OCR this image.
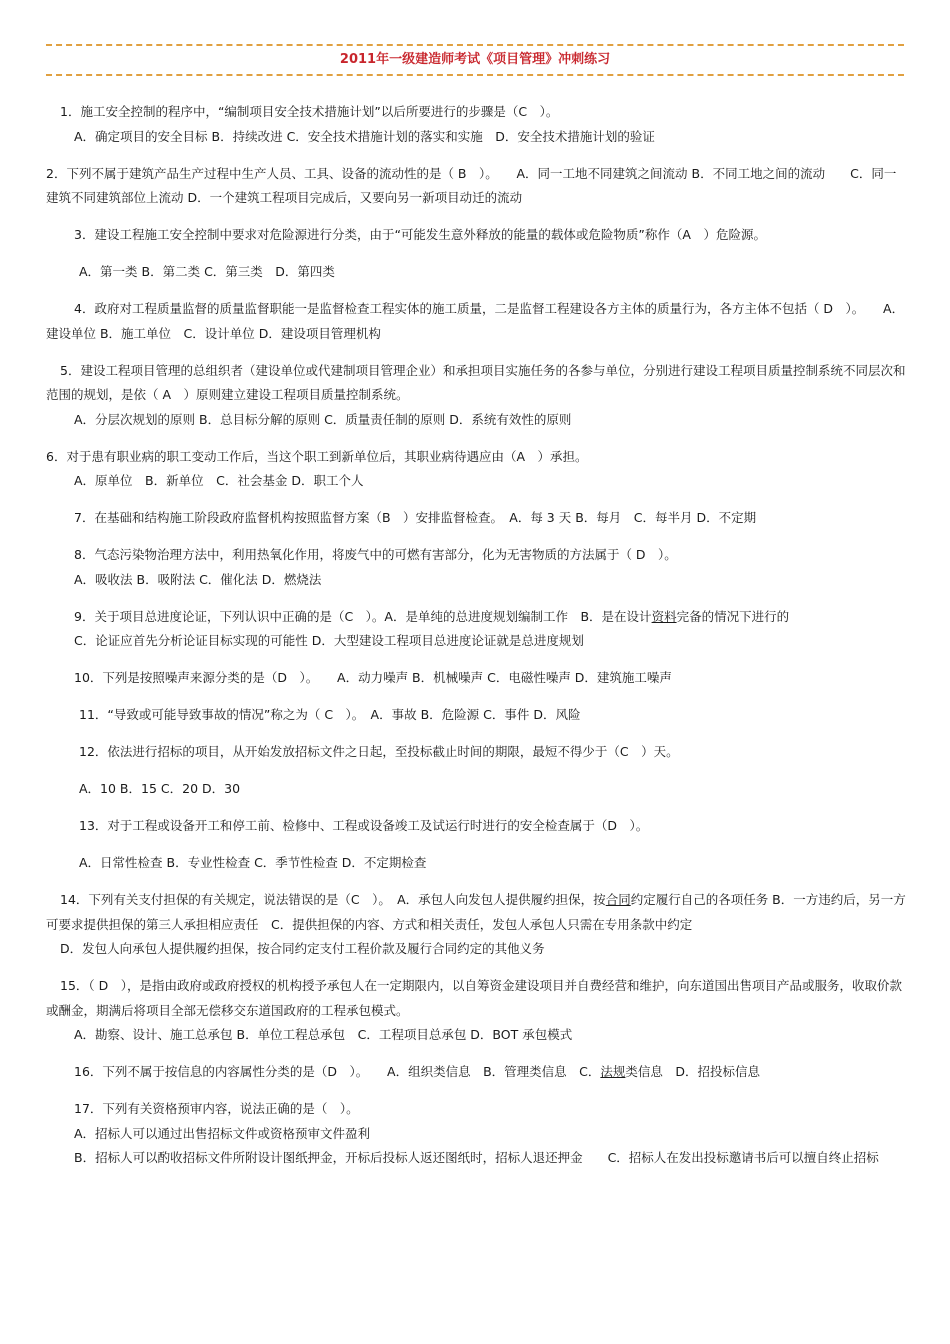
2011年一级建造师考试《项目管理》冲刺练习

1．施工安全控制的程序中，“编制项目安全技术措施计划”以后所要进行的步骤是（C　）。

A．确定项目的安全目标 B．持续改进 C．安全技术措施计划的落实和实施　D．安全技术措施计划的验证

2．下列不属于建筑产品生产过程中生产人员、工具、设备的流动性的是（ B　）。　　A．同一工地不同建筑之间流动 B．不同工地之间的流动　　C．同一建筑不同建筑部位上流动 D．一个建筑工程项目完成后，又要向另一新项目动迁的流动

3．建设工程施工安全控制中要求对危险源进行分类，由于“可能发生意外释放的能量的载体或危险物质”称作（A　）危险源。

A．第一类 B．第二类 C．第三类　D．第四类

4．政府对工程质量监督的质量监督职能一是监督检查工程实体的施工质量，二是监督工程建设各方主体的质量行为，各方主体不包括（ D　）。　　A．建设单位 B．施工单位　C．设计单位 D．建设项目管理机构

5．建设工程项目管理的总组织者（建设单位或代建制项目管理企业）和承担项目实施任务的各参与单位，分别进行建设工程项目质量控制系统不同层次和范围的规划，是依（ A　）原则建立建设工程项目质量控制系统。

A．分层次规划的原则 B．总目标分解的原则 C．质量责任制的原则 D．系统有效性的原则

6．对于患有职业病的职工变动工作后，当这个职工到新单位后，其职业病待遇应由（A　）承担。

A．原单位　B．新单位　C．社会基金 D．职工个人

7．在基础和结构施工阶段政府监督机构按照监督方案（B　）安排监督检查。　A．每 3 天 B．每月　C．每半月 D．不定期

8．气态污染物治理方法中，利用热氧化作用，将废气中的可燃有害部分，化为无害物质的方法属于（ D　）。

A．吸收法 B．吸附法 C．催化法 D．燃烧法

9．关于项目总进度论证，下列认识中正确的是（C　）。A．是单纯的总进度规划编制工作　B．是在设计资料完备的情况下进行的

C．论证应首先分析论证目标实现的可能性 D．大型建设工程项目总进度论证就是总进度规划

10．下列是按照噪声来源分类的是（D　）。　　A．动力噪声 B．机械噪声 C．电磁性噪声 D．建筑施工噪声

11．“导致或可能导致事故的情况”称之为（ C　）。　A．事故 B．危险源 C．事件 D．风险

12．依法进行招标的项目，从开始发放招标文件之日起，至投标截止时间的期限，最短不得少于（C　）天。

A．10 B．15 C．20 D．30

13．对于工程或设备开工和停工前、检修中、工程或设备竣工及试运行时进行的安全检查属于（D　）。

A．日常性检查 B．专业性检查 C．季节性检查 D．不定期检查

14．下列有关支付担保的有关规定，说法错误的是（C　）。　A．承包人向发包人提供履约担保，按合同约定履行自己的各项任务 B．一方违约后，另一方可要求提供担保的第三人承担相应责任　C．提供担保的内容、方式和相关责任，发包人承包人只需在专用条款中约定

D．发包人向承包人提供履约担保，按合同约定支付工程价款及履行合同约定的其他义务

15．（ D　），是指由政府或政府授权的机构授予承包人在一定期限内，以自筹资金建设项目并自费经营和维护，向东道国出售项目产品或服务，收取价款或酬金，期满后将项目全部无偿移交东道国政府的工程承包模式。

A．勘察、设计、施工总承包 B．单位工程总承包　C．工程项目总承包 D．BOT 承包模式

16．下列不属于按信息的内容属性分类的是（D　）。　　A．组织类信息　B．管理类信息　C．法规类信息　D．招投标信息

17．下列有关资格预审内容，说法正确的是（　）。

A．招标人可以通过出售招标文件或资格预审文件盈利

B．招标人可以酌收招标文件所附设计图纸押金，开标后投标人返还图纸时，招标人退还押金　　C．招标人在发出投标邀请书后可以擅自终止招标
